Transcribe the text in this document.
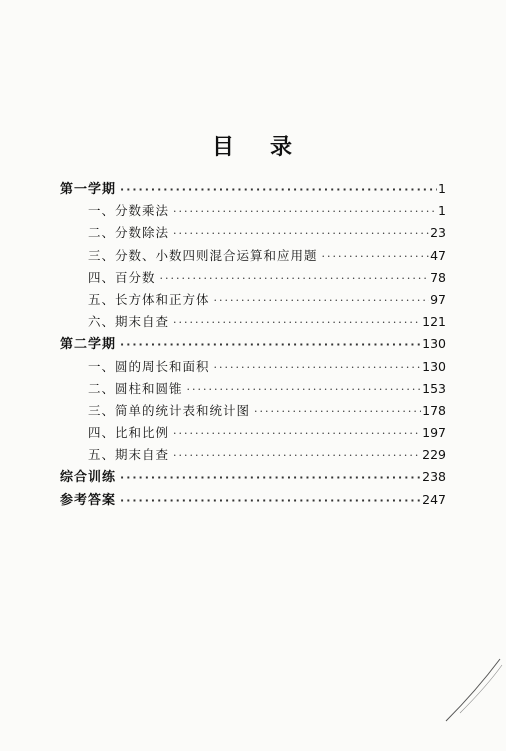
目 录
第一学期 ·····	1
一、分数乘法 ·····	1
二、分数除法 ·····	23
三、分数、小数四则混合运算和应用题 ·····	47
四、百分数 ·····	78
五、长方体和正方体 ·····	97
六、期末自查 ·····	121
第二学期 ·····	130
一、圆的周长和面积 ·····	130
二、圆柱和圆锥 ·····	153
三、简单的统计表和统计图 ·····	178
四、比和比例 ·····	197
五、期末自查 ·····	229
综合训练 ·····	238
参考答案 ·····	247
